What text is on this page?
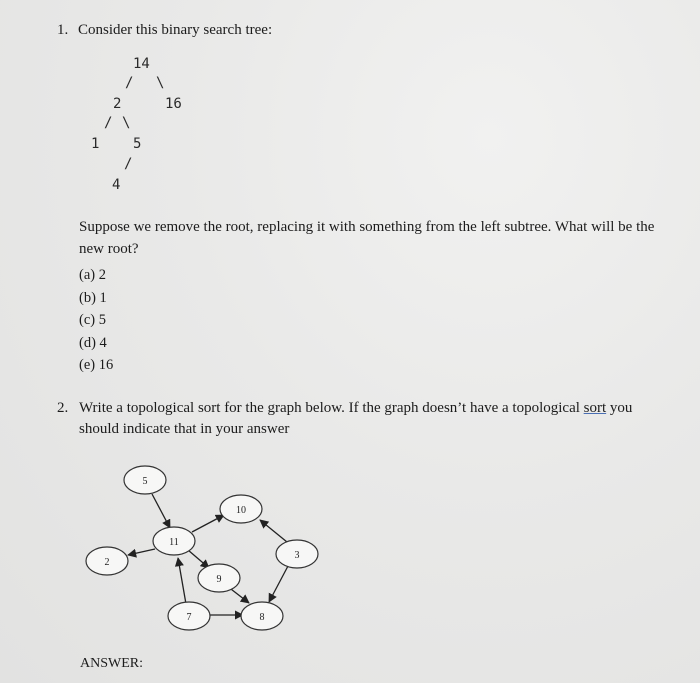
1. Consider this binary search tree:
14
/ \
2	16
/ \
1 5
/
4
Suppose we remove the root, replacing it with something from the left subtree. What will be the
new root?
(a) 2
(b) 1
(c) 5
(d) 4
(e) 16
2. Write a topological sort for the graph below. If the graph doesn’t have a topological sort you should indicate that in your answer
5
10
11
3
2
9
7	8
ANSWER:
